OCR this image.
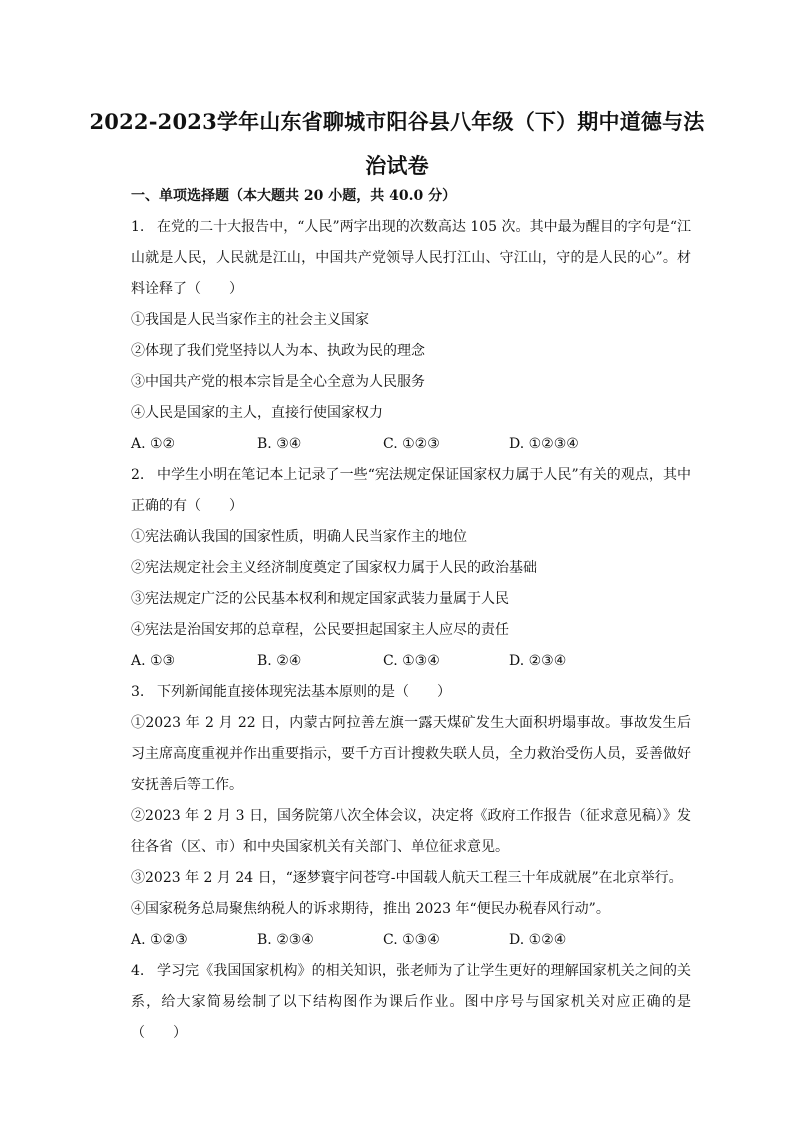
2022-2023学年山东省聊城市阳谷县八年级（下）期中道德与法
治试卷
一、单项选择题（本大题共 20 小题，共 40.0 分）

1. 在党的二十大报告中，“人民”两字出现的次数高达 105 次。其中最为醒目的字句是“江山就是人民，人民就是江山，中国共产党领导人民打江山、守江山，守的是人民的心”。材料诠释了（　　）

①我国是人民当家作主的社会主义国家

②体现了我们党坚持以人为本、执政为民的理念

③中国共产党的根本宗旨是全心全意为人民服务

④人民是国家的主人，直接行使国家权力

A. ①②	B. ③④	C. ①②③	D. ①②③④

2. 中学生小明在笔记本上记录了一些“宪法规定保证国家权力属于人民”有关的观点，其中正确的有（　　）

①宪法确认我国的国家性质，明确人民当家作主的地位

②宪法规定社会主义经济制度奠定了国家权力属于人民的政治基础

③宪法规定广泛的公民基本权利和规定国家武装力量属于人民

④宪法是治国安邦的总章程，公民要担起国家主人应尽的责任

A. ①③	B. ②④	C. ①③④	D. ②③④

3. 下列新闻能直接体现宪法基本原则的是（　　）

①2023 年 2 月 22 日，内蒙古阿拉善左旗一露天煤矿发生大面积坍塌事故。事故发生后习主席高度重视并作出重要指示，要千方百计搜救失联人员，全力救治受伤人员，妥善做好安抚善后等工作。

②2023 年 2 月 3 日，国务院第八次全体会议，决定将《政府工作报告（征求意见稿）》发往各省（区、市）和中央国家机关有关部门、单位征求意见。

③2023 年 2 月 24 日，“逐梦寰宇问苍穹-中国载人航天工程三十年成就展”在北京举行。

④国家税务总局聚焦纳税人的诉求期待，推出 2023 年“便民办税春风行动”。

A. ①②③	B. ②③④	C. ①③④	D. ①②④

4. 学习完《我国国家机构》的相关知识，张老师为了让学生更好的理解国家机关之间的关系，给大家简易绘制了以下结构图作为课后作业。图中序号与国家机关对应正确的是（　　）
